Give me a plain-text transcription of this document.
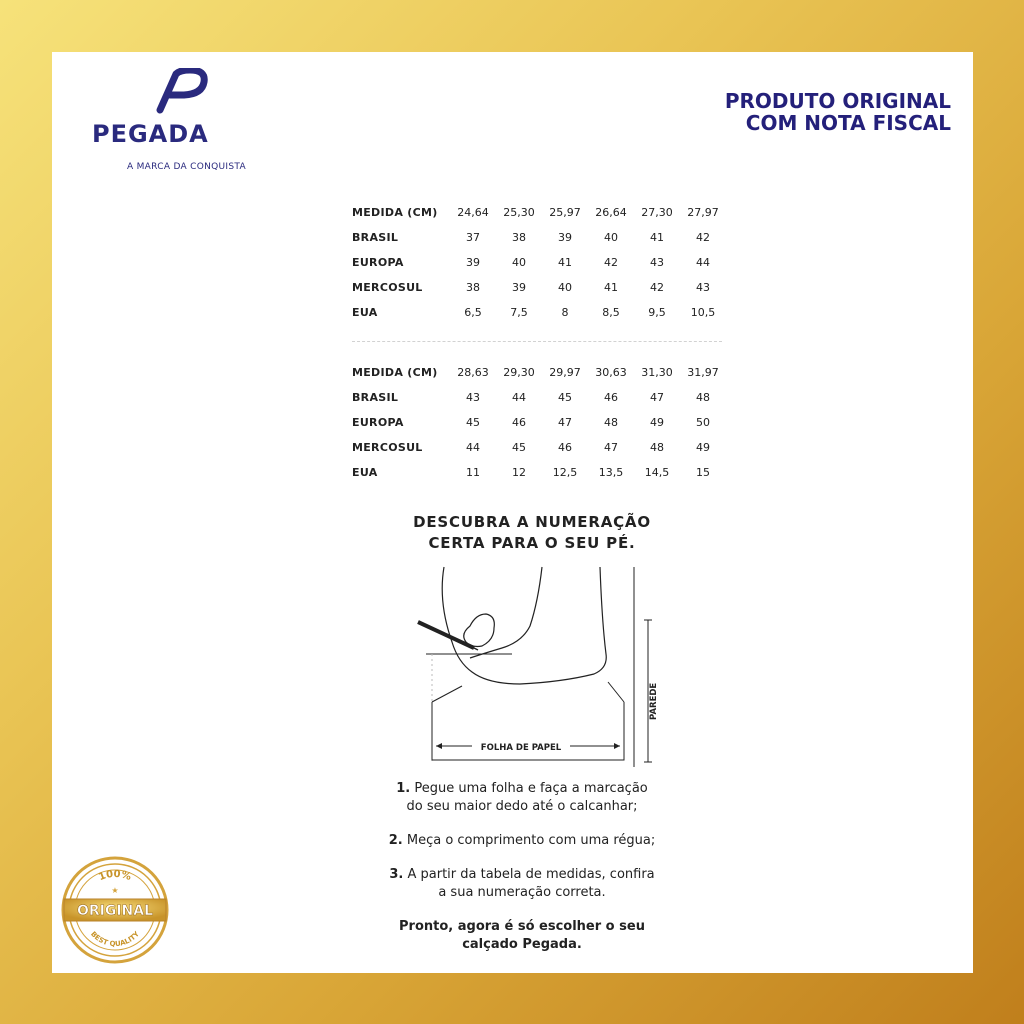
PEGADA
A MARCA DA CONQUISTA
PRODUTO ORIGINAL
COM NOTA FISCAL
MEDIDA (CM)	24,64	25,30	25,97	26,64	27,30	27,97
BRASIL	37	38	39	40	41	42
EUROPA	39	40	41	42	43	44
MERCOSUL	38	39	40	41	42	43
EUA	6,5	7,5	8	8,5	9,5	10,5
MEDIDA (CM)	28,63	29,30	29,97	30,63	31,30	31,97
BRASIL	43	44	45	46	47	48
EUROPA	45	46	47	48	49	50
MERCOSUL	44	45	46	47	48	49
EUA	11	12	12,5	13,5	14,5	15
DESCUBRA A NUMERAÇÃO
CERTA PARA O SEU PÉ.
FOLHA DE PAPEL
PAREDE

1. Pegue uma folha e faça a marcação
do seu maior dedo até o calcanhar;

2. Meça o comprimento com uma régua;

3. A partir da tabela de medidas, confira
a sua numeração correta.

Pronto, agora é só escolher o seu
calçado Pegada.

100%
ORIGINAL
BEST QUALITY
★
